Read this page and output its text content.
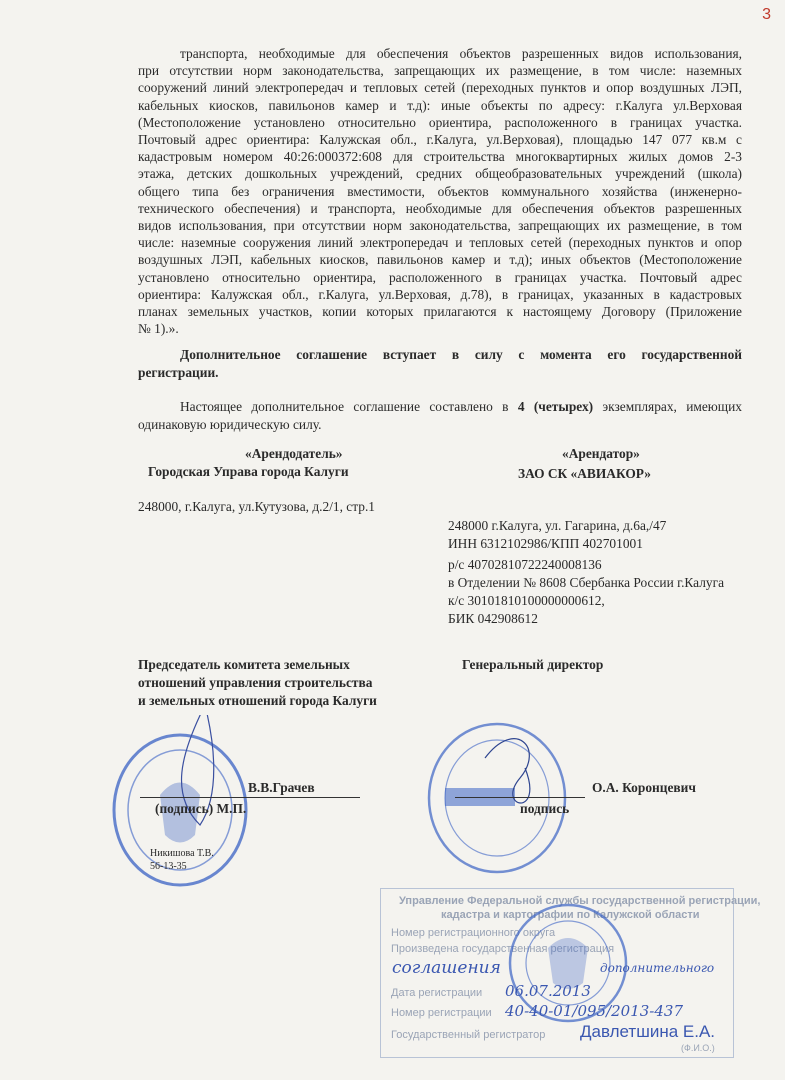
3
транспорта, необходимые для обеспечения объектов разрешенных видов использования,
при отсутствии норм законодательства, запрещающих их размещение, в том числе: наземных
сооружений линий электропередач и тепловых сетей (переходных пунктов и опор воздушных ЛЭП,
кабельных киосков, павильонов камер и т.д): иные объекты по адресу: г.Калуга ул.Верховая
(Местоположение установлено относительно ориентира, расположенного в границах участка.
Почтовый адрес ориентира: Калужская обл., г.Калуга, ул.Верховая), площадью 147 077 кв.м с
кадастровым номером 40:26:000372:608 для строительства многоквартирных жилых домов 2-3
этажа, детских дошкольных учреждений, средних общеобразовательных учреждений (школа)
общего типа без ограничения вместимости, объектов коммунального хозяйства (инженерно-
технического обеспечения) и транспорта, необходимые для обеспечения объектов разрешенных
видов использования, при отсутствии норм законодательства, запрещающих их размещение, в том
числе: наземные сооружения линий электропередач и тепловых сетей (переходных пунктов и опор
воздушных ЛЭП, кабельных киосков, павильонов камер и т.д); иных объектов (Местоположение
установлено относительно ориентира, расположенного в границах участка. Почтовый адрес
ориентира: Калужская обл., г.Калуга, ул.Верховая, д.78), в границах, указанных в кадастровых
планах земельных участков, копии которых прилагаются к настоящему Договору (Приложение
№ 1).».
Дополнительное соглашение вступает в силу с момента его государственной
регистрации.
Настоящее дополнительное соглашение составлено в 4 (четырех) экземплярах, имеющих
одинаковую юридическую силу.
«Арендодатель»
Городская Управа города Калуги
248000, г.Калуга, ул.Кутузова, д.2/1, стр.1
«Арендатор»
ЗАО СК «АВИАКОР»
248000 г.Калуга, ул. Гагарина, д.6а,/47
ИНН 6312102986/КПП 402701001
р/с 40702810722240008136
в Отделении № 8608 Сбербанка России г.Калуга
к/с 30101810100000000612,
БИК 042908612
Председатель комитета земельных
отношений управления строительства
и земельных отношений города Калуги
Генеральный директор
В.В.Грачев
(подпись) М.П.
Никишова Т.В.
56-13-35
О.А. Коронцевич
подпись
Управление Федеральной службы государственной регистрации,
кадастра и картографии по Калужской области
Номер регистрационного округа
Произведена государственная регистрация
Дата регистрации
Номер регистрации
Государственный регистратор
(Ф.И.О.)
соглашения	дополнительного
06.07.2013
40-40-01/095/2013-437
Давлетшина Е.А.
